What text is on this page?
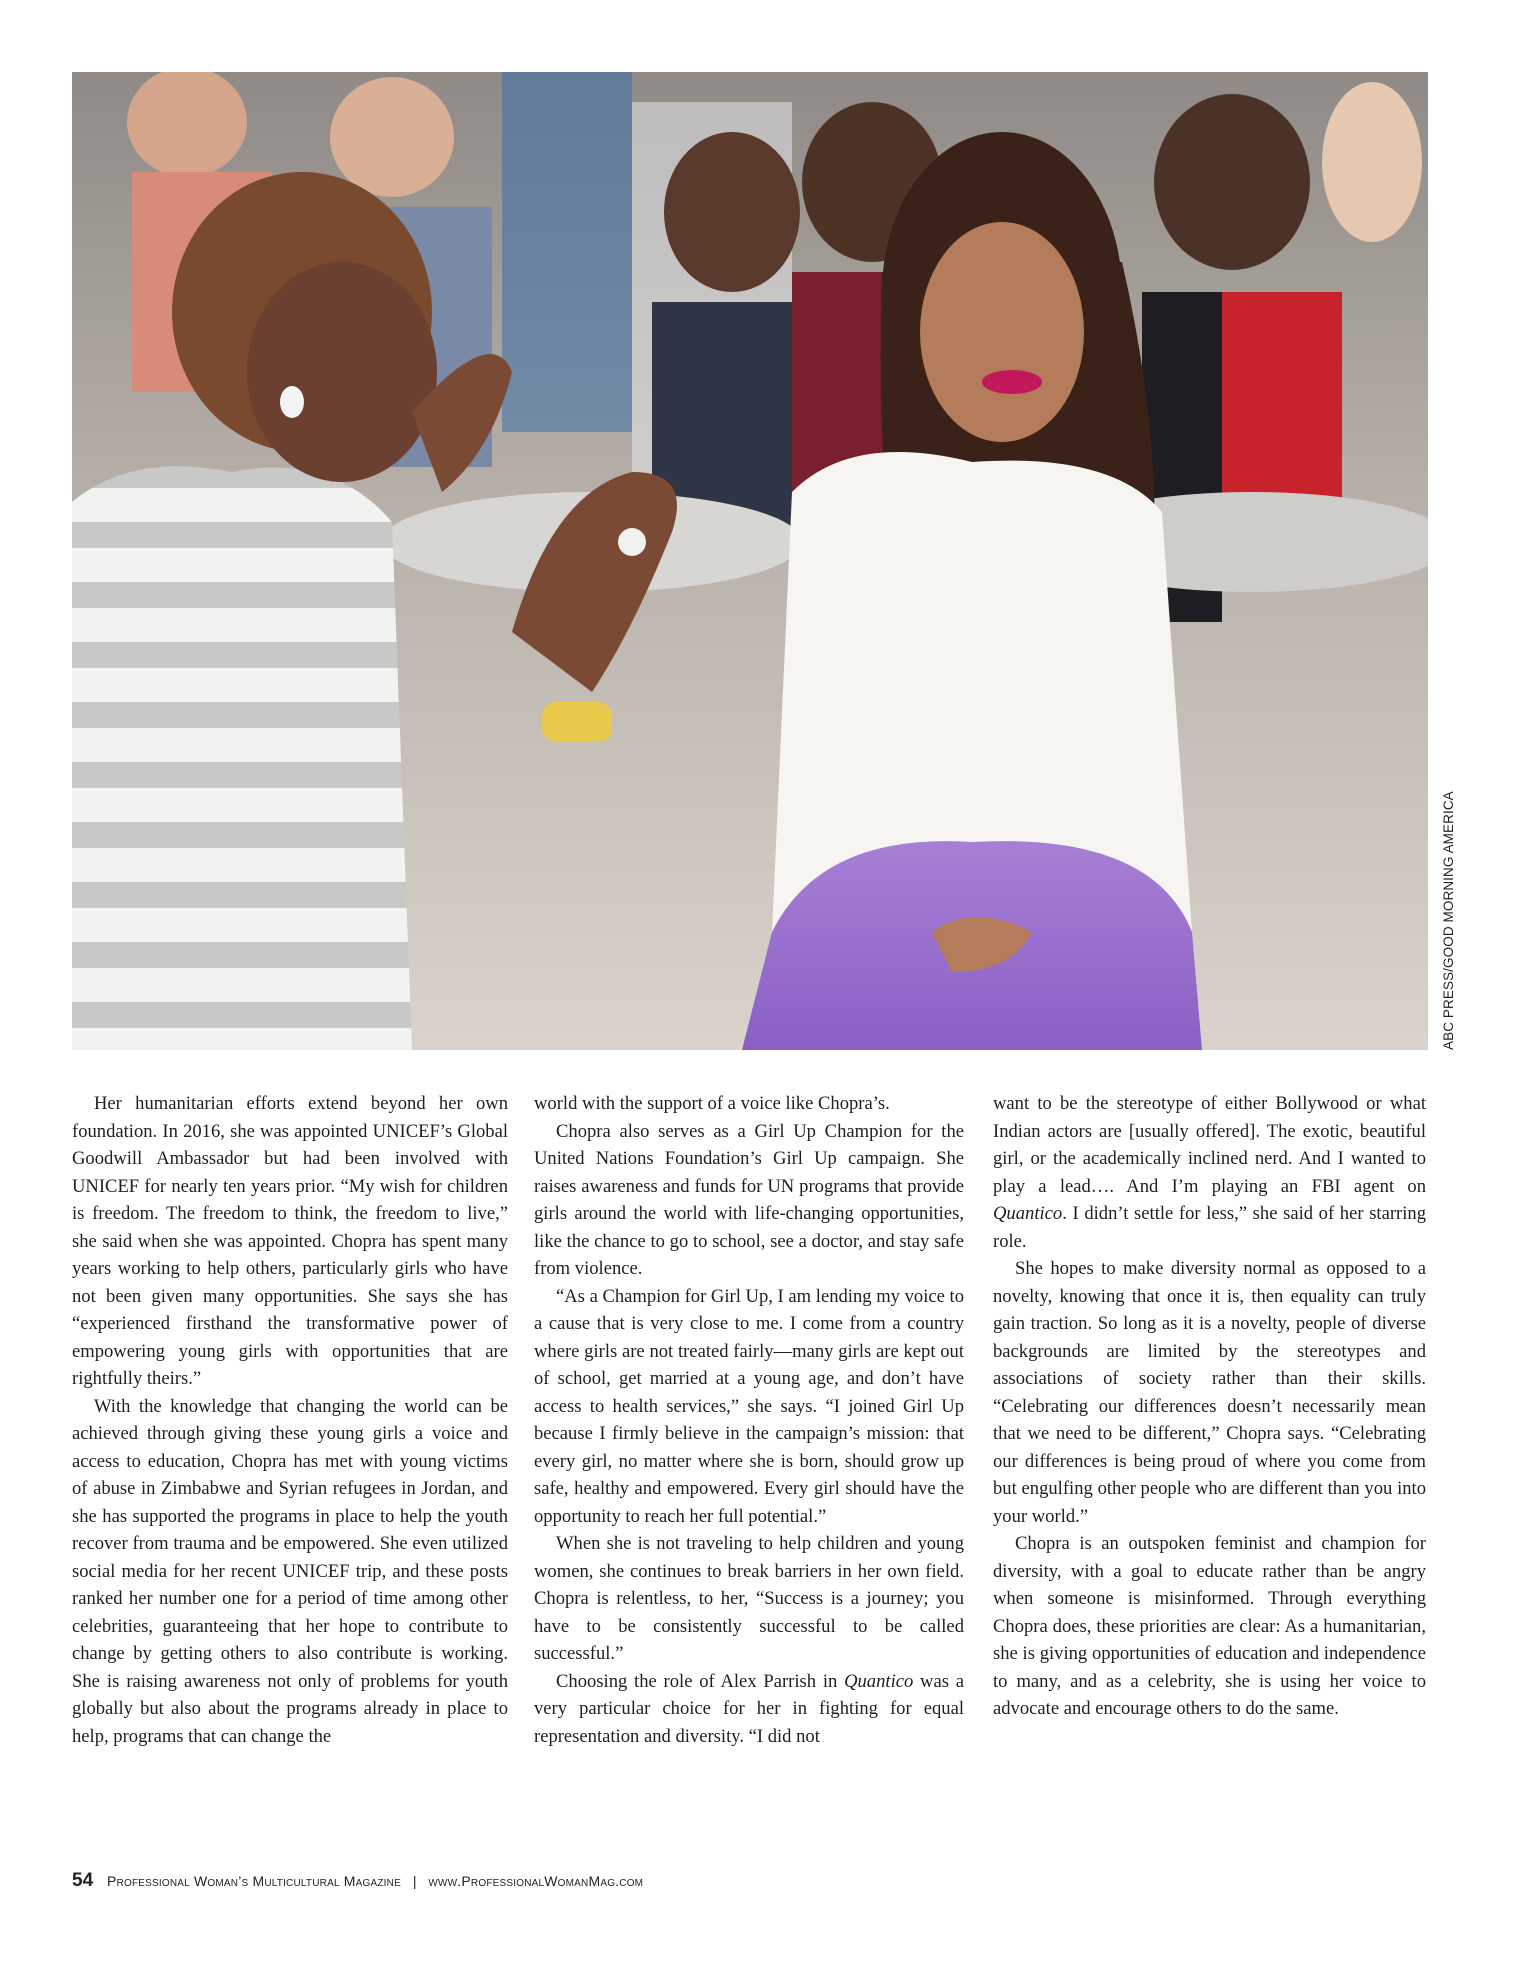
ABC PRESS/GOOD MORNING AMERICA

Her humanitarian efforts extend beyond her own foundation. In 2016, she was appointed UNICEF’s Global Goodwill Ambassador but had been involved with UNICEF for nearly ten years prior. “My wish for children is freedom. The freedom to think, the freedom to live,” she said when she was appointed. Chopra has spent many years working to help others, particularly girls who have not been given many opportunities. She says she has “experienced firsthand the transformative power of empowering young girls with opportunities that are rightfully theirs.”

With the knowledge that changing the world can be achieved through giving these young girls a voice and access to education, Chopra has met with young victims of abuse in Zimbabwe and Syrian refugees in Jordan, and she has supported the programs in place to help the youth recover from trauma and be empowered. She even utilized social media for her recent UNICEF trip, and these posts ranked her number one for a period of time among other celebrities, guaranteeing that her hope to contribute to change by getting others to also contribute is working. She is raising awareness not only of problems for youth globally but also about the programs already in place to help, programs that can change the

world with the support of a voice like Chopra’s.

Chopra also serves as a Girl Up Champion for the United Nations Foundation’s Girl Up campaign. She raises awareness and funds for UN programs that provide girls around the world with life-changing opportunities, like the chance to go to school, see a doctor, and stay safe from violence.

“As a Champion for Girl Up, I am lending my voice to a cause that is very close to me. I come from a country where girls are not treated fairly—many girls are kept out of school, get married at a young age, and don’t have access to health services,” she says. “I joined Girl Up because I firmly believe in the campaign’s mission: that every girl, no matter where she is born, should grow up safe, healthy and empowered. Every girl should have the opportunity to reach her full potential.”

When she is not traveling to help children and young women, she continues to break barriers in her own field. Chopra is relentless, to her, “Success is a journey; you have to be consistently successful to be called successful.”

Choosing the role of Alex Parrish in Quantico was a very particular choice for her in fighting for equal representation and diversity. “I did not

want to be the stereotype of either Bollywood or what Indian actors are [usually offered]. The exotic, beautiful girl, or the academically inclined nerd. And I wanted to play a lead…. And I’m playing an FBI agent on Quantico. I didn’t settle for less,” she said of her starring role.

She hopes to make diversity normal as opposed to a novelty, knowing that once it is, then equality can truly gain traction. So long as it is a novelty, people of diverse backgrounds are limited by the stereotypes and associations of society rather than their skills. “Celebrating our differences doesn’t necessarily mean that we need to be different,” Chopra says. “Celebrating our differences is being proud of where you come from but engulfing other people who are different than you into your world.”

Chopra is an outspoken feminist and champion for diversity, with a goal to educate rather than be angry when someone is misinformed. Through everything Chopra does, these priorities are clear: As a humanitarian, she is giving opportunities of education and independence to many, and as a celebrity, she is using her voice to advocate and encourage others to do the same.

54 Professional Woman’s Multicultural Magazine | www.ProfessionalWomanMag.com
